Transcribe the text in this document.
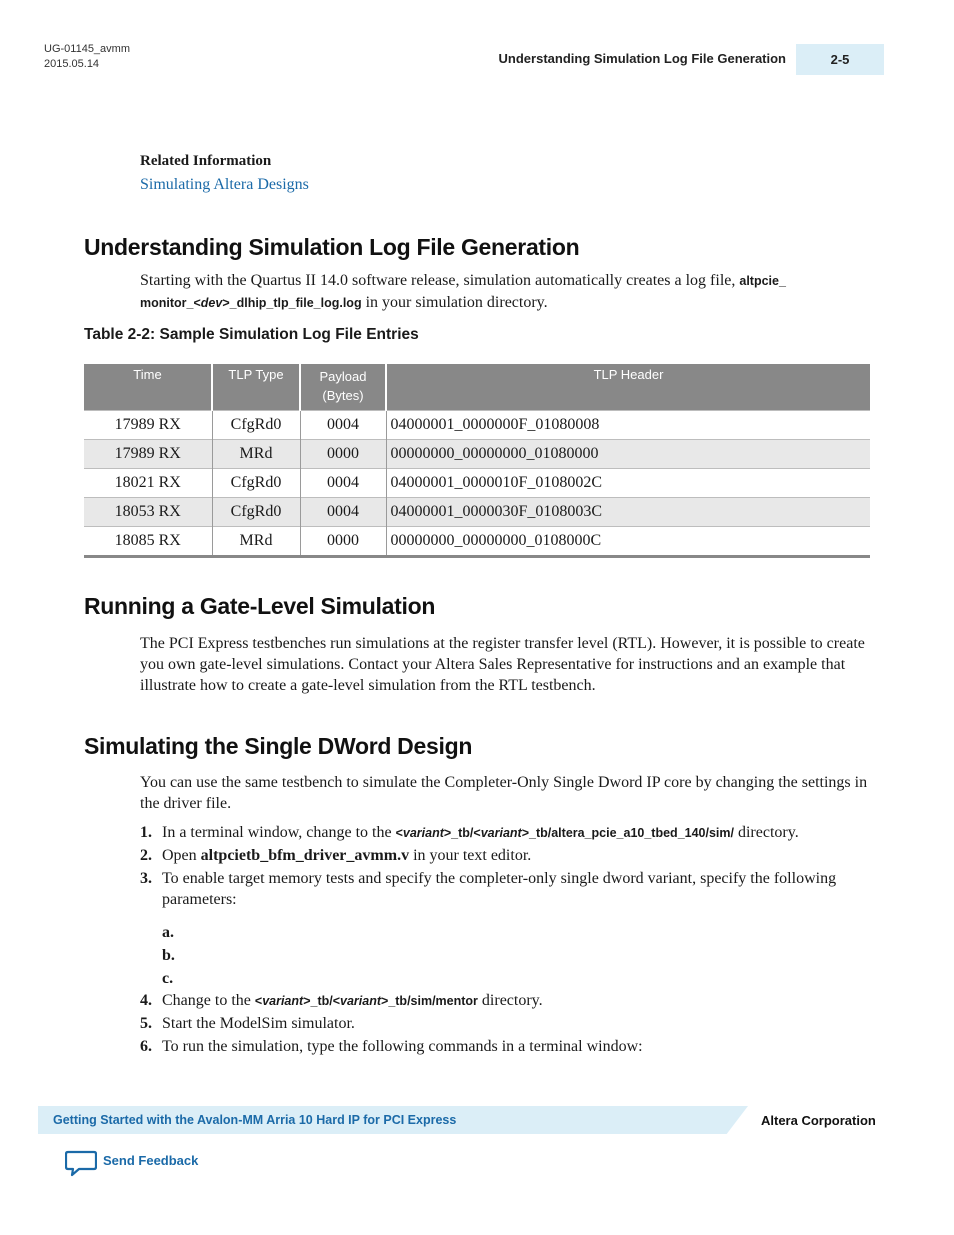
UG-01145_avmm
2015.05.14	Understanding Simulation Log File Generation	2-5
Related Information
Simulating Altera Designs
Understanding Simulation Log File Generation
Starting with the Quartus II 14.0 software release, simulation automatically creates a log file, altpcie_
monitor_<dev>_dlhip_tlp_file_log.log in your simulation directory.
Table 2-2: Sample Simulation Log File Entries
Time	TLP Type	Payload (Bytes)	TLP Header
17989 RX	CfgRd0	0004	04000001_0000000F_01080008
17989 RX	MRd	0000	00000000_00000000_01080000
18021 RX	CfgRd0	0004	04000001_0000010F_0108002C
18053 RX	CfgRd0	0004	04000001_0000030F_0108003C
18085 RX	MRd	0000	00000000_00000000_0108000C
Running a Gate-Level Simulation
The PCI Express testbenches run simulations at the register transfer level (RTL). However, it is possible to create you own gate-level simulations. Contact your Altera Sales Representative for instructions and an example that illustrate how to create a gate-level simulation from the RTL testbench.
Simulating the Single DWord Design
You can use the same testbench to simulate the Completer-Only Single Dword IP core by changing the settings in the driver file.
1. In a terminal window, change to the <variant>_tb/<variant>_tb/altera_pcie_a10_tbed_140/sim/ directory.
2. Open altpcietb_bfm_driver_avmm.v in your text editor.
3. To enable target memory tests and specify the completer-only single dword variant, specify the following parameters:
a.
b.
c.
4. Change to the <variant>_tb/<variant>_tb/sim/mentor directory.
5. Start the ModelSim simulator.
6. To run the simulation, type the following commands in a terminal window:
Getting Started with the Avalon-MM Arria 10 Hard IP for PCI Express	Altera Corporation
Send Feedback
